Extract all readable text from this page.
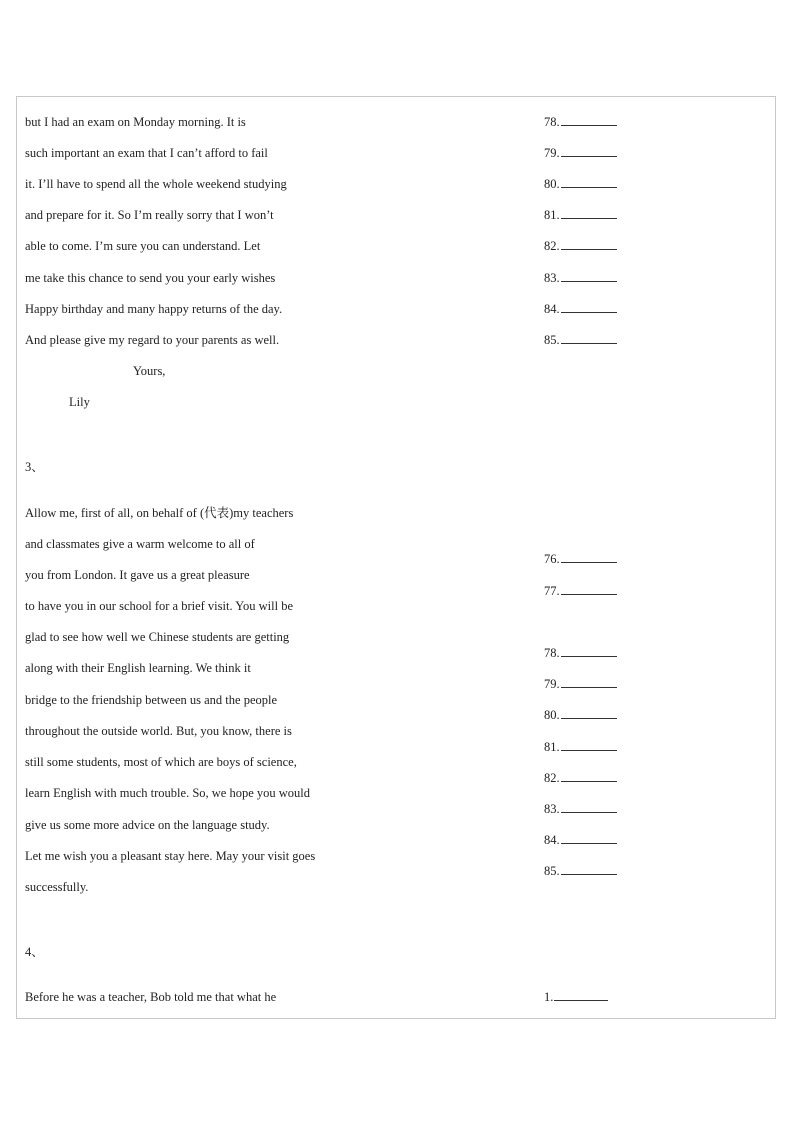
but I had an exam on Monday morning. It is
such important an exam that I can’t afford to fail
it. I’ll have to spend all the whole weekend studying
and prepare for it. So I’m really sorry that I won’t
able to come. I’m sure you can understand. Let
me take this chance to send you your early wishes
Happy birthday and many happy returns of the day.
And please give my regard to your parents as well.
Yours,
Lily
78.
79.
80.
81.
82.
83.
84.
85.
3、
Allow me, first of all, on behalf of (代表)my teachers
and classmates give a warm welcome to all of
you from London. It gave us a great pleasure
to have you in our school for a brief visit. You will be
glad to see how well we Chinese students are getting
along with their English learning. We think it
bridge to the friendship between us and the people
throughout the outside world. But, you know, there is
still some students, most of which are boys of science,
learn English with much trouble. So, we hope you would
give us some more advice on the language study.
Let me wish you a pleasant stay here. May your visit goes
successfully.
76.
77.
78.
79.
80.
81.
82.
83.
84.
85.
4、
Before he was a teacher, Bob told me that what he	1.
